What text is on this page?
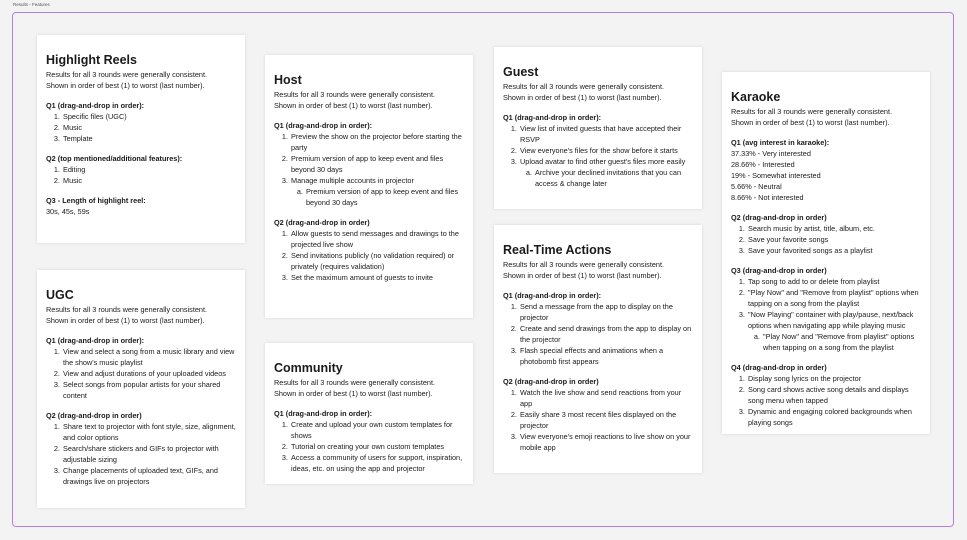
Results - Features
Highlight Reels

Results for all 3 rounds were generally consistent.

Shown in order of best (1) to worst (last number).

Q1 (drag-and-drop in order):
1. Specific files (UGC)
2. Music
3. Template
Q2 (top mentioned/additional features):
1. Editing
2. Music
Q3 - Length of highlight reel:
30s, 45s, 59s
UGC

Results for all 3 rounds were generally consistent.

Shown in order of best (1) to worst (last number).

Q1 (drag-and-drop in order):
1. View and select a song from a music library and view the show's music playlist
2. View and adjust durations of your uploaded videos
3. Select songs from popular artists for your shared content
Q2 (drag-and-drop in order)
1. Share text to projector with font style, size, alignment, and color options
2. Search/share stickers and GIFs to projector with adjustable sizing
3. Change placements of uploaded text, GIFs, and drawings live on projectors
Host

Results for all 3 rounds were generally consistent.

Shown in order of best (1) to worst (last number).

Q1 (drag-and-drop in order):
1. Preview the show on the projector before starting the party
2. Premium version of app to keep event and files beyond 30 days
3. Manage multiple accounts in projector
a. Premium version of app to keep event and files beyond 30 days
Q2 (drag-and-drop in order)
1. Allow guests to send messages and drawings to the projected live show
2. Send invitations publicly (no validation required) or privately (requires validation)
3. Set the maximum amount of guests to invite
Community

Results for all 3 rounds were generally consistent.

Shown in order of best (1) to worst (last number).

Q1 (drag-and-drop in order):
1. Create and upload your own custom templates for shows
2. Tutorial on creating your own custom templates
3. Access a community of users for support, inspiration, ideas, etc. on using the app and projector
Guest

Results for all 3 rounds were generally consistent.

Shown in order of best (1) to worst (last number).

Q1 (drag-and-drop in order):
1. View list of invited guests that have accepted their RSVP
2. View everyone's files for the show before it starts
3. Upload avatar to find other guest's files more easily
a. Archive your declined invitations that you can access & change later
Real-Time Actions

Results for all 3 rounds were generally consistent.

Shown in order of best (1) to worst (last number).

Q1 (drag-and-drop in order):
1. Send a message from the app to display on the projector
2. Create and send drawings from the app to display on the projector
3. Flash special effects and animations when a photobomb first appears
Q2 (drag-and-drop in order)
1. Watch the live show and send reactions from your app
2. Easily share 3 most recent files displayed on the projector
3. View everyone's emoji reactions to live show on your mobile app
Karaoke

Results for all 3 rounds were generally consistent.

Shown in order of best (1) to worst (last number).

Q1 (avg interest in karaoke):
37.33% - Very interested
28.66% - Interested
19% - Somewhat interested
5.66% - Neutral
8.66% - Not interested
Q2 (drag-and-drop in order)
1. Search music by artist, title, album, etc.
2. Save your favorite songs
3. Save your favorited songs as a playlist
Q3 (drag-and-drop in order)
1. Tap song to add to or delete from playlist
2. "Play Now" and "Remove from playlist" options when tapping on a song from the playlist
3. "Now Playing" container with play/pause, next/back options when navigating app while playing music
a. "Play Now" and "Remove from playlist" options when tapping on a song from the playlist
Q4 (drag-and-drop in order)
1. Display song lyrics on the projector
2. Song card shows active song details and displays song menu when tapped
3. Dynamic and engaging colored backgrounds when playing songs
